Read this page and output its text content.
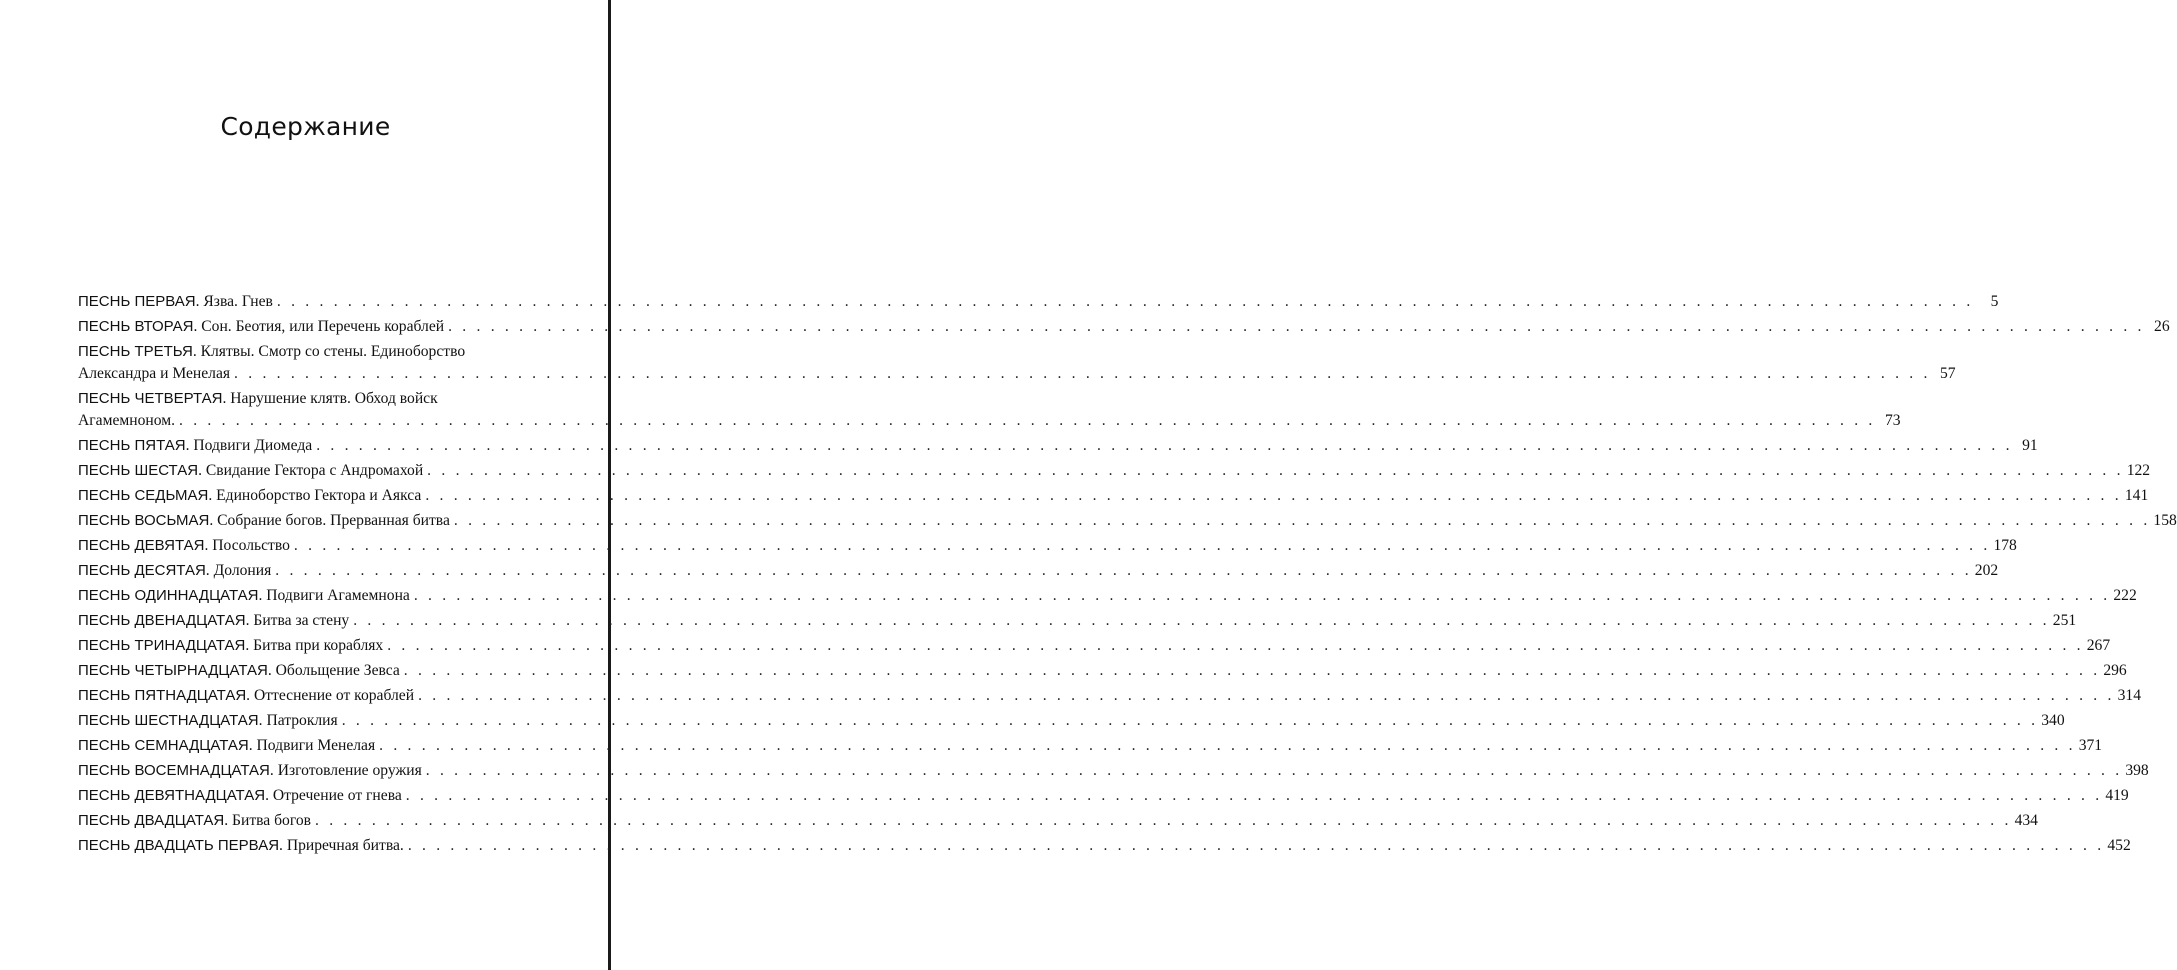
Содержание
ПЕСНЬ ПЕРВАЯ. Язва. Гнев . . . . . . . . . . . . . . . . . . . . . . . . . . . . . . . . . . . . . . . . . . . . . . . . . . . . . . . . . . . . . . . . . . . . . . . . . . . . . . . . . . . . . . . . . . . . . . . . . . . . . . . . . . . . . . . . . . . . . . . .	5
ПЕСНЬ ВТОРАЯ. Сон. Беотия, или Перечень кораблей . . . . . . . . . . . . . . . . . . . . . . . . . . . . . . . . . . . . . . . . . . . . . . . . . . . . . . . . . . . . . . . . . . . . . . . . . . . . . . . . . . . . . . . . . . . . . . . . . . . . . . . . . . . . . . . . . . . . . . . . 26
ПЕСНЬ ТРЕТЬЯ. Клятвы. Смотр со стены. Единоборство
Александра и Менелая . . . . . . . . . . . . . . . . . . . . . . . . . . . . . . . . . . . . . . . . . . . . . . . . . . . . . . . . . . . . . . . . . . . . . . . . . . . . . . . . . . . . . . . . . . . . . . . . . . . . . . . . . . . . . . . . . . . . . . . . 57
ПЕСНЬ ЧЕТВЕРТАЯ. Нарушение клятв. Обход войск
Агамемноном. . . . . . . . . . . . . . . . . . . . . . . . . . . . . . . . . . . . . . . . . . . . . . . . . . . . . . . . . . . . . . . . . . . . . . . . . . . . . . . . . . . . . . . . . . . . . . . . . . . . . . . . . . . . . . . . . . . . . . . . . 73
ПЕСНЬ ПЯТАЯ. Подвиги Диомеда . . . . . . . . . . . . . . . . . . . . . . . . . . . . . . . . . . . . . . . . . . . . . . . . . . . . . . . . . . . . . . . . . . . . . . . . . . . . . . . . . . . . . . . . . . . . . . . . . . . . . . . . . . . . . . . . . . . . . . . . 91
ПЕСНЬ ШЕСТАЯ. Свидание Гектора с Андромахой . . . . . . . . . . . . . . . . . . . . . . . . . . . . . . . . . . . . . . . . . . . . . . . . . . . . . . . . . . . . . . . . . . . . . . . . . . . . . . . . . . . . . . . . . . . . . . . . . . . . . . . . . . . . . . . . . . . . . . . . 122
ПЕСНЬ СЕДЬМАЯ. Единоборство Гектора и Аякса . . . . . . . . . . . . . . . . . . . . . . . . . . . . . . . . . . . . . . . . . . . . . . . . . . . . . . . . . . . . . . . . . . . . . . . . . . . . . . . . . . . . . . . . . . . . . . . . . . . . . . . . . . . . . . . . . . . . . . . . 141
ПЕСНЬ ВОСЬМАЯ. Собрание богов. Прерванная битва . . . . . . . . . . . . . . . . . . . . . . . . . . . . . . . . . . . . . . . . . . . . . . . . . . . . . . . . . . . . . . . . . . . . . . . . . . . . . . . . . . . . . . . . . . . . . . . . . . . . . . . . . . . . . . . . . . . . . . . . 158
ПЕСНЬ ДЕВЯТАЯ. Посольство . . . . . . . . . . . . . . . . . . . . . . . . . . . . . . . . . . . . . . . . . . . . . . . . . . . . . . . . . . . . . . . . . . . . . . . . . . . . . . . . . . . . . . . . . . . . . . . . . . . . . . . . . . . . . . . . . . . . . . . . 178
ПЕСНЬ ДЕСЯТАЯ. Долония . . . . . . . . . . . . . . . . . . . . . . . . . . . . . . . . . . . . . . . . . . . . . . . . . . . . . . . . . . . . . . . . . . . . . . . . . . . . . . . . . . . . . . . . . . . . . . . . . . . . . . . . . . . . . . . . . . . . . . . . 202
ПЕСНЬ ОДИННАДЦАТАЯ. Подвиги Агамемнона . . . . . . . . . . . . . . . . . . . . . . . . . . . . . . . . . . . . . . . . . . . . . . . . . . . . . . . . . . . . . . . . . . . . . . . . . . . . . . . . . . . . . . . . . . . . . . . . . . . . . . . . . . . . . . . . . . . . . . . . 222
ПЕСНЬ ДВЕНАДЦАТАЯ. Битва за стену . . . . . . . . . . . . . . . . . . . . . . . . . . . . . . . . . . . . . . . . . . . . . . . . . . . . . . . . . . . . . . . . . . . . . . . . . . . . . . . . . . . . . . . . . . . . . . . . . . . . . . . . . . . . . . . . . . . . . . . . 251
ПЕСНЬ ТРИНАДЦАТАЯ. Битва при кораблях . . . . . . . . . . . . . . . . . . . . . . . . . . . . . . . . . . . . . . . . . . . . . . . . . . . . . . . . . . . . . . . . . . . . . . . . . . . . . . . . . . . . . . . . . . . . . . . . . . . . . . . . . . . . . . . . . . . . . . . . 267
ПЕСНЬ ЧЕТЫРНАДЦАТАЯ. Обольщение Зевса . . . . . . . . . . . . . . . . . . . . . . . . . . . . . . . . . . . . . . . . . . . . . . . . . . . . . . . . . . . . . . . . . . . . . . . . . . . . . . . . . . . . . . . . . . . . . . . . . . . . . . . . . . . . . . . . . . . . . . . . 296
ПЕСНЬ ПЯТНАДЦАТАЯ. Оттеснение от кораблей . . . . . . . . . . . . . . . . . . . . . . . . . . . . . . . . . . . . . . . . . . . . . . . . . . . . . . . . . . . . . . . . . . . . . . . . . . . . . . . . . . . . . . . . . . . . . . . . . . . . . . . . . . . . . . . . . . . . . . . . 314
ПЕСНЬ ШЕСТНАДЦАТАЯ. Патроклия . . . . . . . . . . . . . . . . . . . . . . . . . . . . . . . . . . . . . . . . . . . . . . . . . . . . . . . . . . . . . . . . . . . . . . . . . . . . . . . . . . . . . . . . . . . . . . . . . . . . . . . . . . . . . . . . . . . . . . . . 340
ПЕСНЬ СЕМНАДЦАТАЯ. Подвиги Менелая . . . . . . . . . . . . . . . . . . . . . . . . . . . . . . . . . . . . . . . . . . . . . . . . . . . . . . . . . . . . . . . . . . . . . . . . . . . . . . . . . . . . . . . . . . . . . . . . . . . . . . . . . . . . . . . . . . . . . . . . 371
ПЕСНЬ ВОСЕМНАДЦАТАЯ. Изготовление оружия . . . . . . . . . . . . . . . . . . . . . . . . . . . . . . . . . . . . . . . . . . . . . . . . . . . . . . . . . . . . . . . . . . . . . . . . . . . . . . . . . . . . . . . . . . . . . . . . . . . . . . . . . . . . . . . . . . . . . . . . 398
ПЕСНЬ ДЕВЯТНАДЦАТАЯ. Отречение от гнева . . . . . . . . . . . . . . . . . . . . . . . . . . . . . . . . . . . . . . . . . . . . . . . . . . . . . . . . . . . . . . . . . . . . . . . . . . . . . . . . . . . . . . . . . . . . . . . . . . . . . . . . . . . . . . . . . . . . . . . . 419
ПЕСНЬ ДВАДЦАТАЯ. Битва богов . . . . . . . . . . . . . . . . . . . . . . . . . . . . . . . . . . . . . . . . . . . . . . . . . . . . . . . . . . . . . . . . . . . . . . . . . . . . . . . . . . . . . . . . . . . . . . . . . . . . . . . . . . . . . . . . . . . . . . . . 434
ПЕСНЬ ДВАДЦАТЬ ПЕРВАЯ. Приречная битва. . . . . . . . . . . . . . . . . . . . . . . . . . . . . . . . . . . . . . . . . . . . . . . . . . . . . . . . . . . . . . . . . . . . . . . . . . . . . . . . . . . . . . . . . . . . . . . . . . . . . . . . . . . . . . . . . . . . . . . . . 452
